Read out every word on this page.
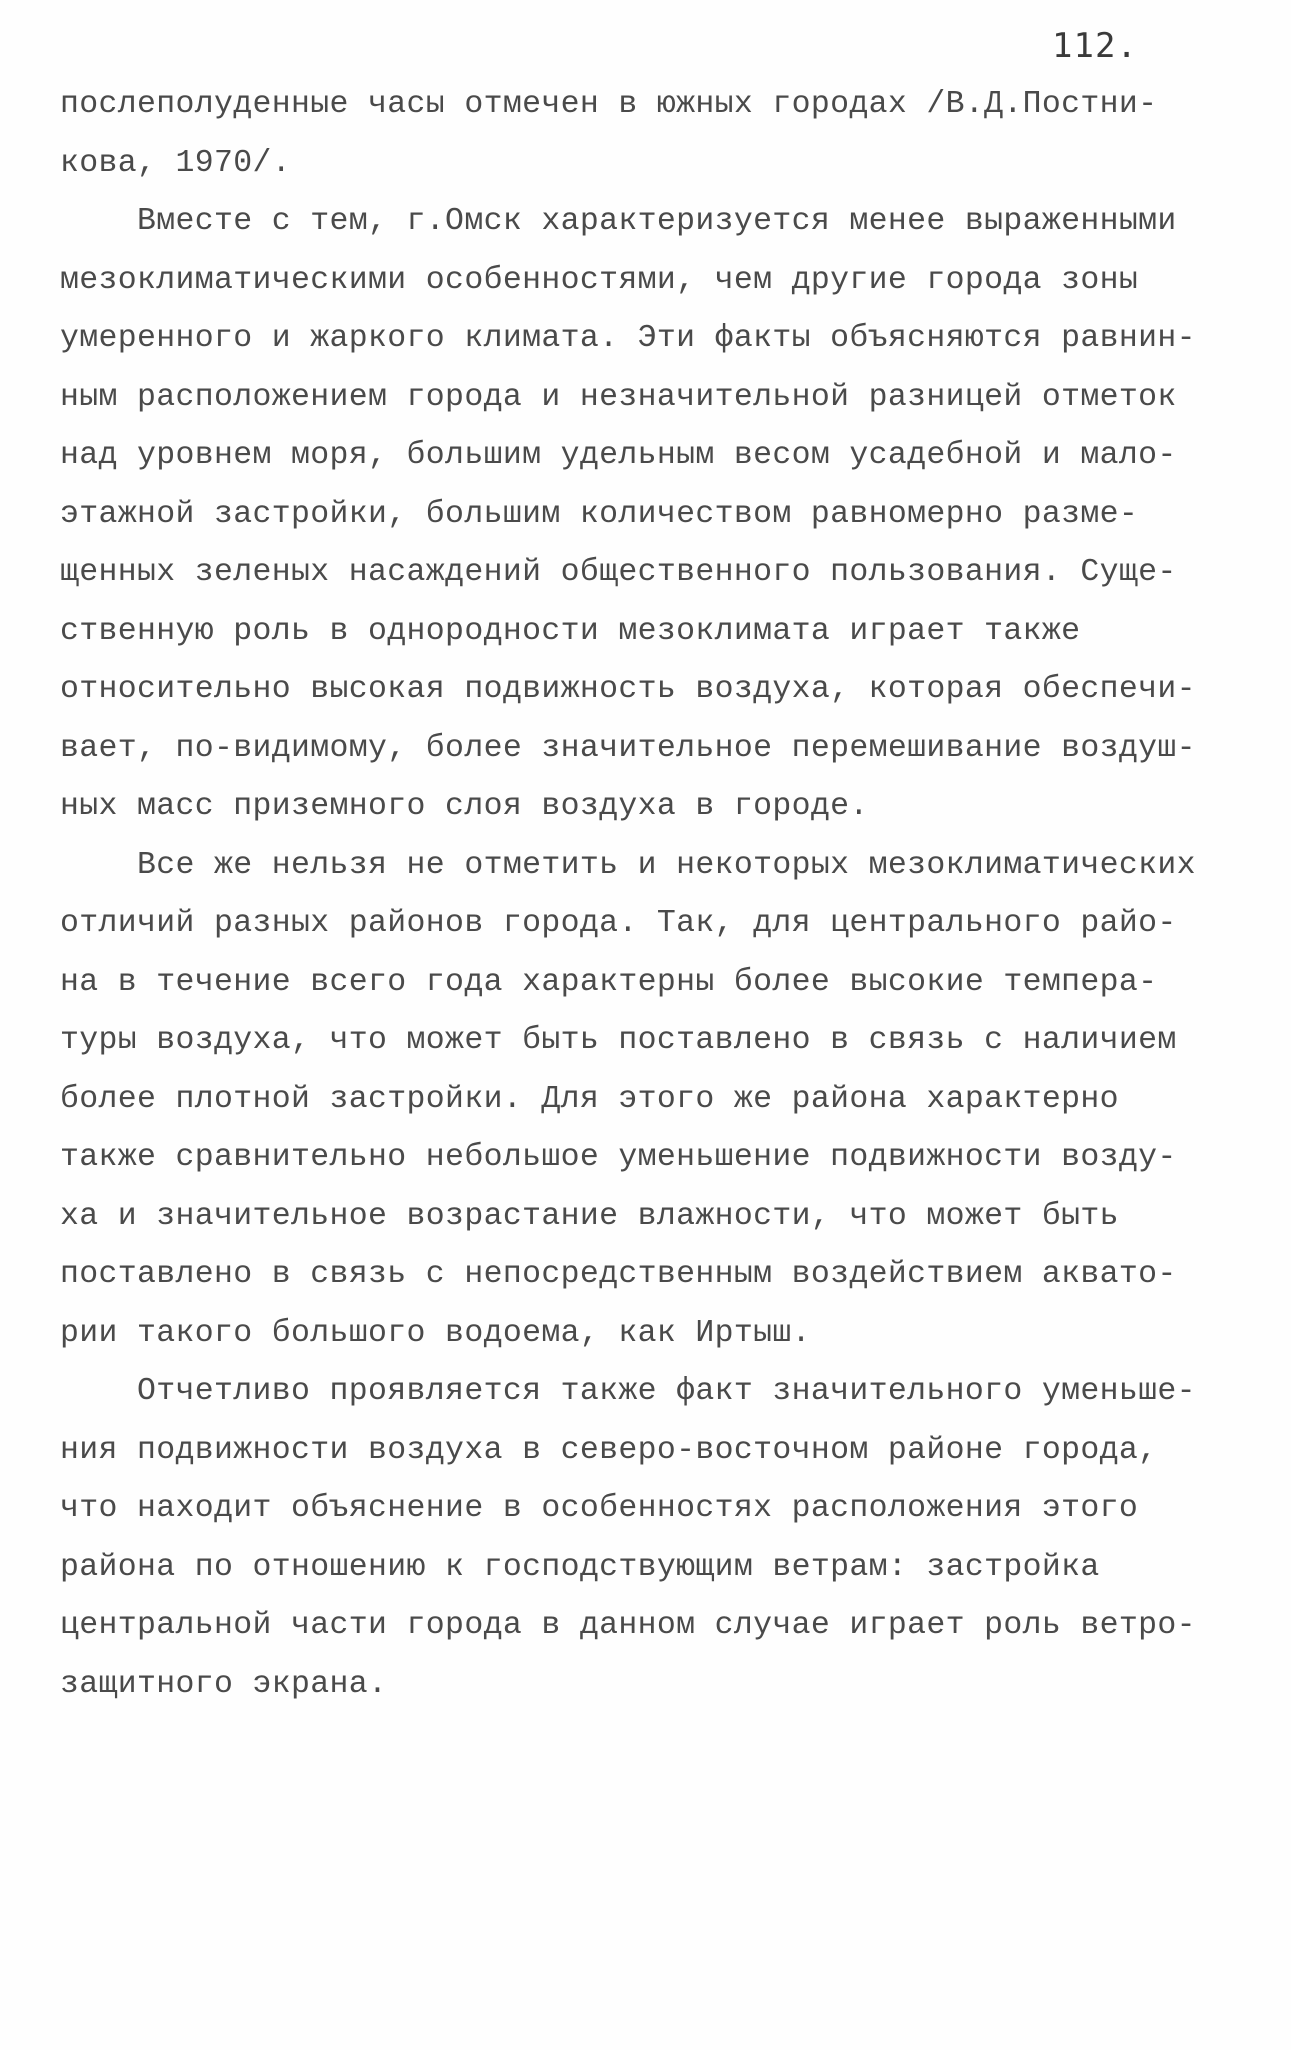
112.
послеполуденные часы отмечен в южных городах /В.Д.Постни-
кова, 1970/.
Вместе с тем, г.Омск характеризуется менее выраженными
мезоклиматическими особенностями, чем другие города зоны
умеренного и жаркого климата. Эти факты объясняются равнин-
ным расположением города и незначительной разницей отметок
над уровнем моря, большим удельным весом усадебной и мало-
этажной застройки, большим количеством равномерно разме-
щенных зеленых насаждений общественного пользования. Суще-
ственную роль в однородности мезоклимата играет также
относительно высокая подвижность воздуха, которая обеспечи-
вает, по-видимому, более значительное перемешивание воздуш-
ных масс приземного слоя воздуха в городе.
Все же нельзя не отметить и некоторых мезоклиматических
отличий разных районов города. Так, для центрального райо-
на в течение всего года характерны более высокие темпера-
туры воздуха, что может быть поставлено в связь с наличием
более плотной застройки. Для этого же района характерно
также сравнительно небольшое уменьшение подвижности возду-
ха и значительное возрастание влажности, что может быть
поставлено в связь с непосредственным воздействием аквато-
рии такого большого водоема, как Иртыш.
Отчетливо проявляется также факт значительного уменьше-
ния подвижности воздуха в северо-восточном районе города,
что находит объяснение в особенностях расположения этого
района по отношению к господствующим ветрам: застройка
центральной части города в данном случае играет роль ветро-
защитного экрана.
